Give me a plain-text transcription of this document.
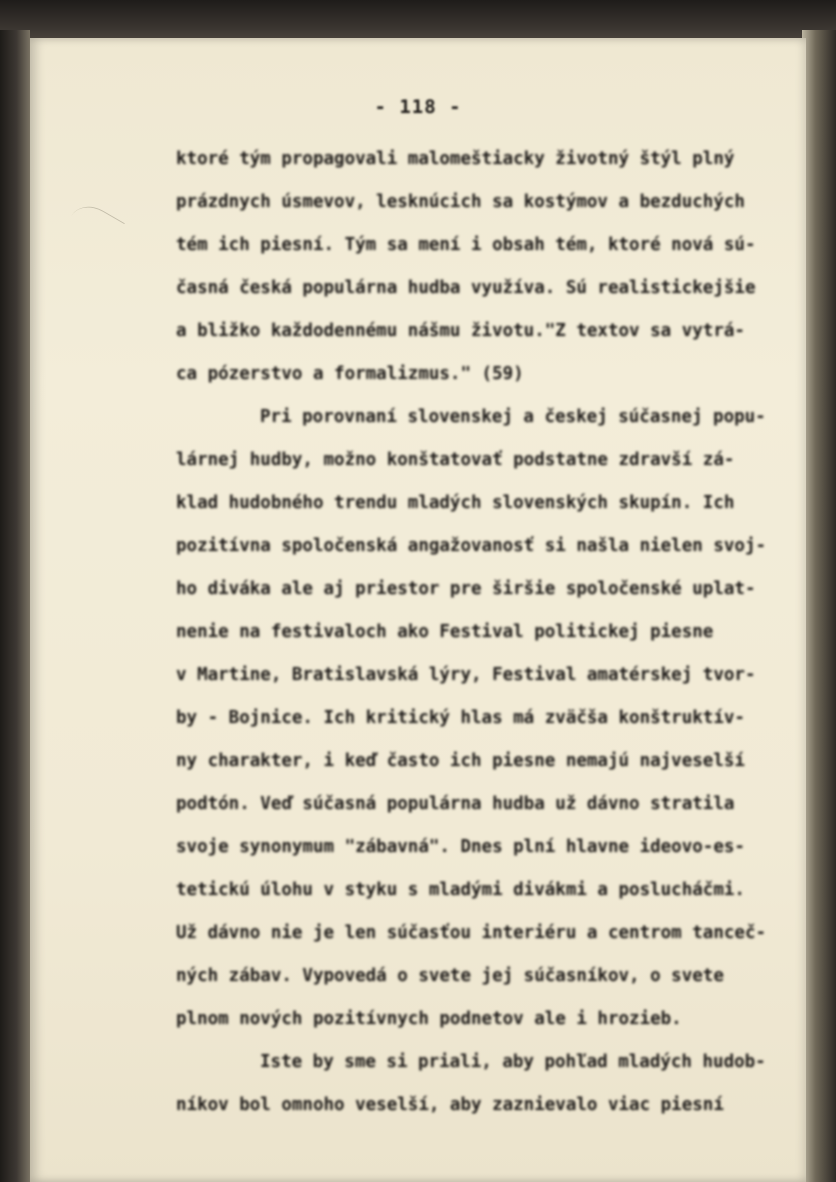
- 118 -
ktoré tým propagovali malomeštiacky životný štýl plný
prázdnych úsmevov, lesknúcich sa kostýmov a bezduchých
tém ich piesní. Tým sa mení i obsah tém, ktoré nová sú-
časná česká populárna hudba využíva. Sú realistickejšie
a bližko každodennému nášmu životu."Z textov sa vytrá-
ca pózerstvo a formalizmus." (59)
Pri porovnaní slovenskej a českej súčasnej popu-
lárnej hudby, možno konštatovať podstatne zdravší zá-
klad hudobného trendu mladých slovenských skupín. Ich
pozitívna spoločenská angažovanosť si našla nielen svoj-
ho diváka ale aj priestor pre širšie spoločenské uplat-
nenie na festivaloch ako Festival politickej piesne
v Martine, Bratislavská lýry, Festival amatérskej tvor-
by - Bojnice. Ich kritický hlas má zväčša konštruktív-
ny charakter, i keď často ich piesne nemajú najveselší
podtón. Veď súčasná populárna hudba už dávno stratila
svoje synonymum "zábavná". Dnes plní hlavne ideovo-es-
tetickú úlohu v styku s mladými divákmi a poslucháčmi.
Už dávno nie je len súčasťou interiéru a centrom tanceč-
ných zábav. Vypovedá o svete jej súčasníkov, o svete
plnom nových pozitívnych podnetov ale i hrozieb.
Iste by sme si priali, aby pohľad mladých hudob-
níkov bol omnoho veselší, aby zaznievalo viac piesní
